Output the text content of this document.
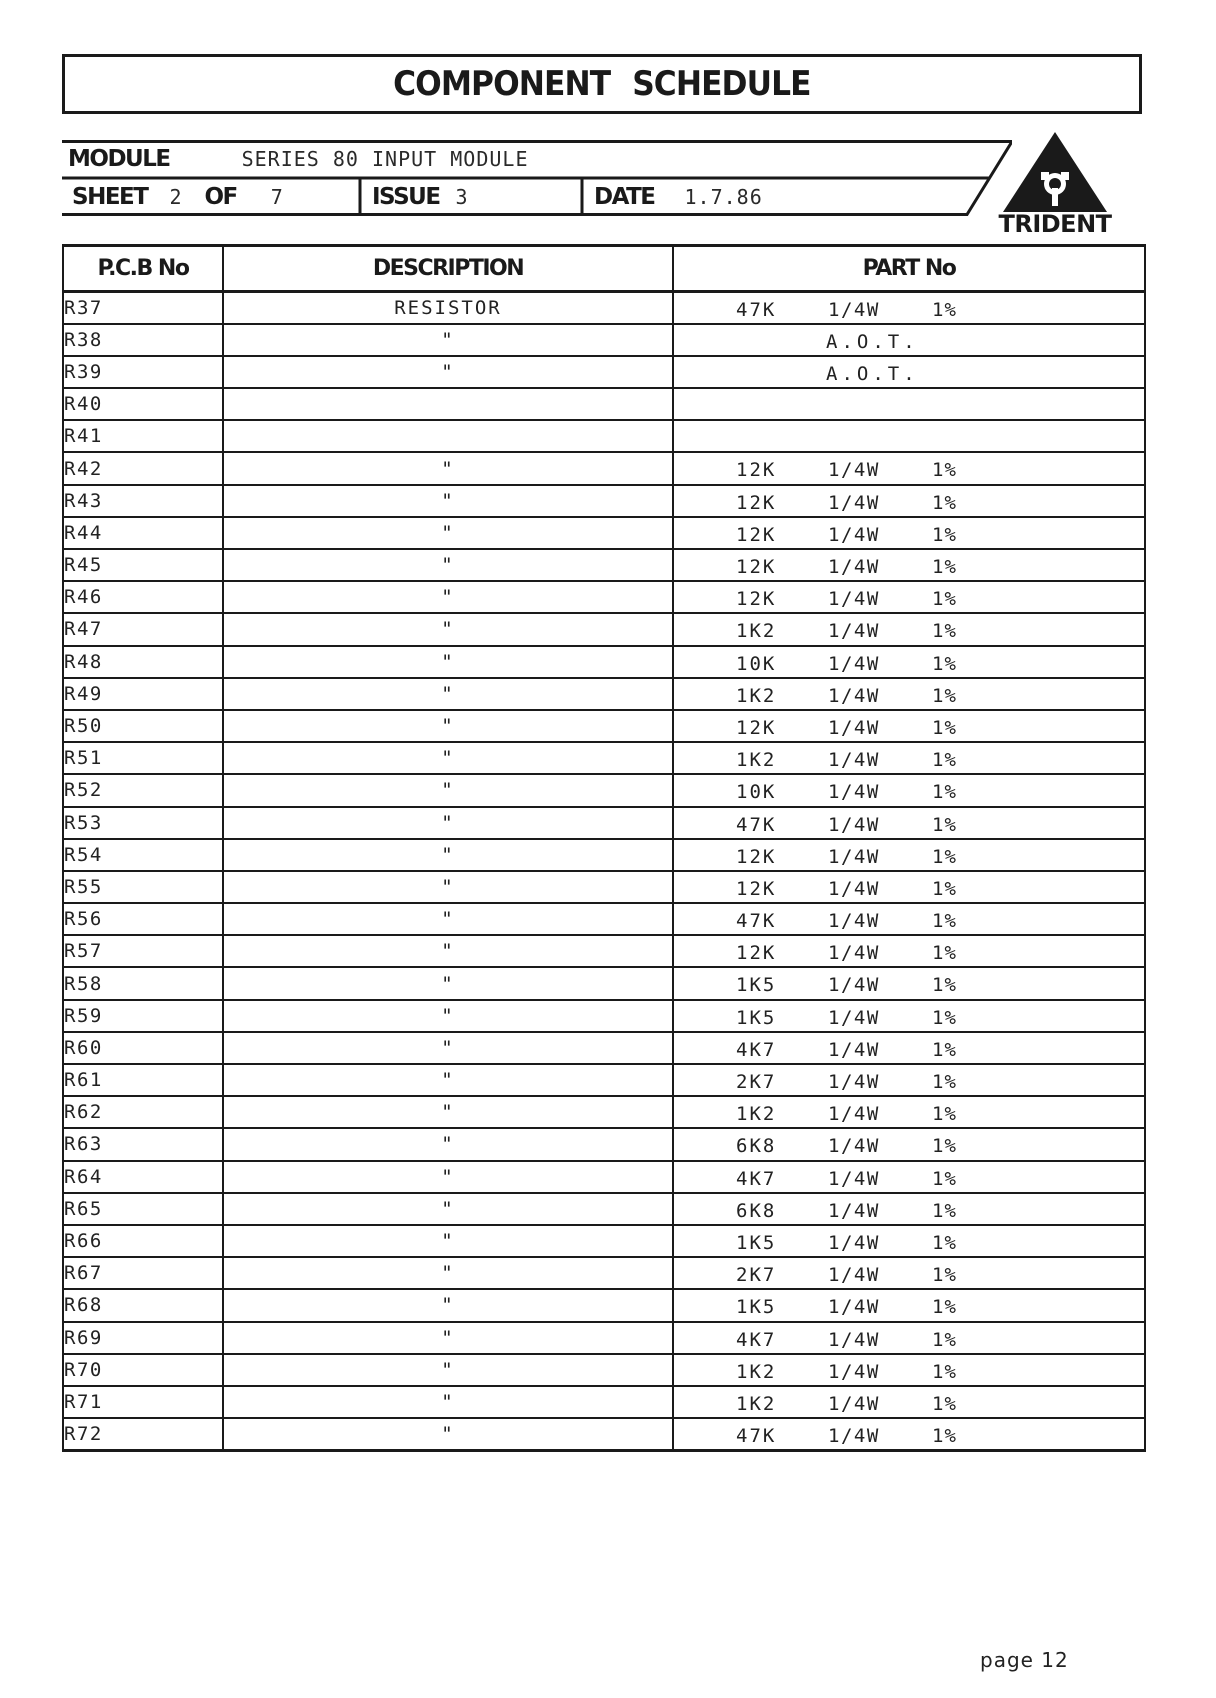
COMPONENT SCHEDULE
MODULE	SERIES 80 INPUT MODULE
SHEET 2 OF 7	ISSUE 3	DATE 1.7.86
TRIDENT
P.C.B No	DESCRIPTION	PART No
R37	RESISTOR	47K 1/4W 1%

R38	"	A.O.T.

R39	"	A.O.T.

R40		
R41		
R42	"	12K 1/4W 1%

R43	"	12K 1/4W 1%

R44	"	12K 1/4W 1%

R45	"	12K 1/4W 1%

R46	"	12K 1/4W 1%

R47	"	1K2 1/4W 1%

R48	"	10K 1/4W 1%

R49	"	1K2 1/4W 1%

R50	"	12K 1/4W 1%

R51	"	1K2 1/4W 1%

R52	"	10K 1/4W 1%

R53	"	47K 1/4W 1%

R54	"	12K 1/4W 1%

R55	"	12K 1/4W 1%

R56	"	47K 1/4W 1%

R57	"	12K 1/4W 1%

R58	"	1K5 1/4W 1%

R59	"	1K5 1/4W 1%

R60	"	4K7 1/4W 1%

R61	"	2K7 1/4W 1%

R62	"	1K2 1/4W 1%

R63	"	6K8 1/4W 1%

R64	"	4K7 1/4W 1%

R65	"	6K8 1/4W 1%

R66	"	1K5 1/4W 1%

R67	"	2K7 1/4W 1%

R68	"	1K5 1/4W 1%

R69	"	4K7 1/4W 1%

R70	"	1K2 1/4W 1%

R71	"	1K2 1/4W 1%

R72	"	47K 1/4W 1%
page 12
